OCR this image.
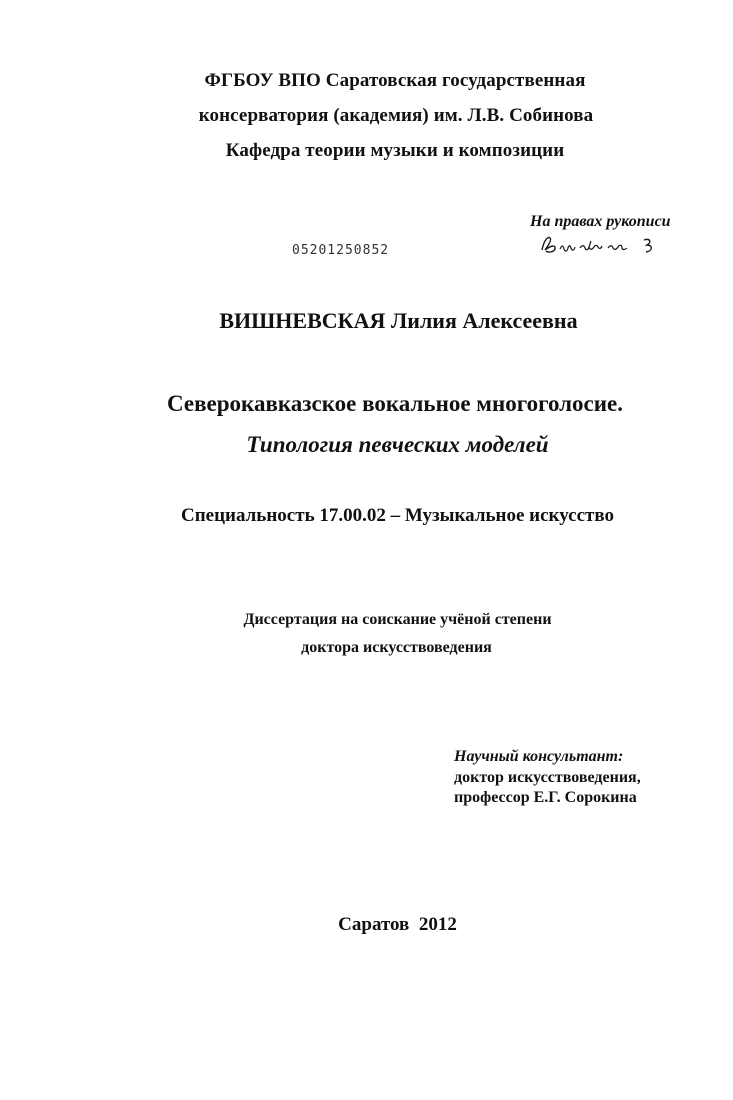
ФГБОУ ВПО Саратовская государственная
консерватория (академия) им. Л.В. Собинова
Кафедра теории музыки и композиции
На правах рукописи
05201250852
ВИШНЕВСКАЯ Лилия Алексеевна
Северокавказское вокальное многоголосие.
Типология певческих моделей
Специальность 17.00.02 – Музыкальное искусство
Диссертация на соискание учёной степени
доктора искусствоведения
Научный консультант:
доктор искусствоведения,
профессор Е.Г. Сорокина
Саратов  2012
